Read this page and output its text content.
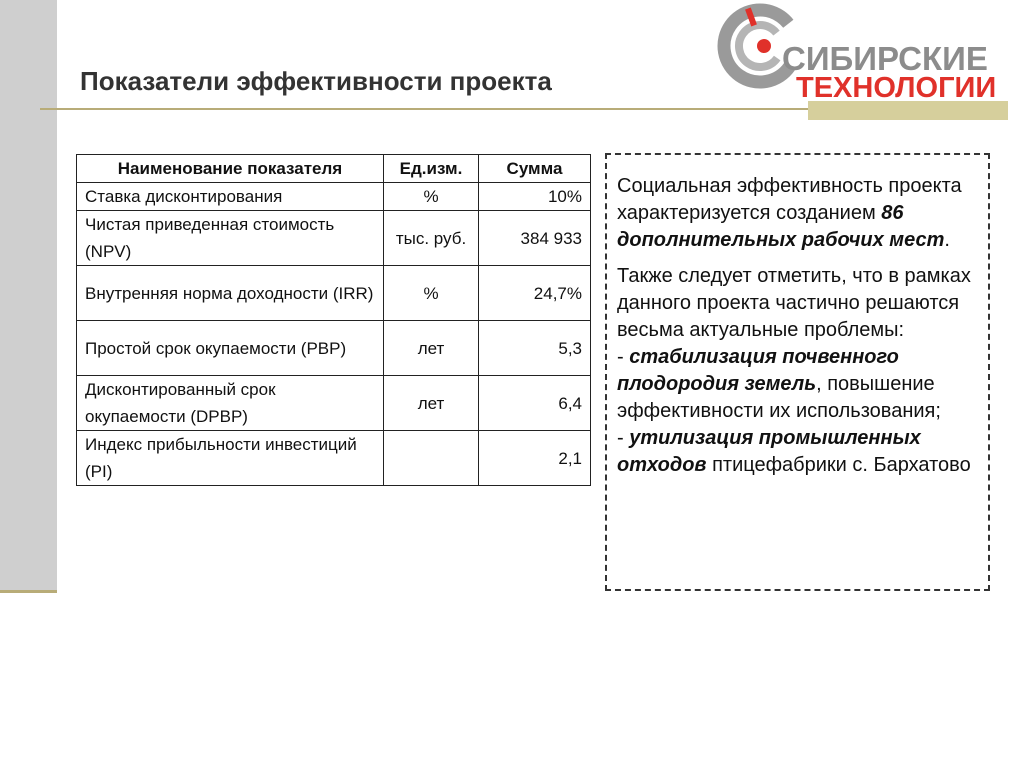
Показатели эффективности проекта
СИБИРСКИЕ
ТЕХНОЛОГИИ
Наименование показателя	Ед.изм.	Сумма
Ставка дисконтирования	%	10%
Чистая приведенная стоимость (NPV)	тыс. руб.	384 933
Внутренняя норма доходности (IRR)	%	24,7%
Простой срок окупаемости (PBP)	лет	5,3
Дисконтированный срок окупаемости (DPBP)	лет	6,4
Индекс прибыльности инвестиций (PI)		2,1

Социальная эффективность проекта характеризуется созданием 86 дополнительных рабочих мест.

Также следует отметить, что в рамках данного проекта частично решаются весьма актуальные проблемы:
- стабилизация почвенного плодородия земель, повышение эффективности их использования;
- утилизация промышленных отходов птицефабрики с. Бархатово
